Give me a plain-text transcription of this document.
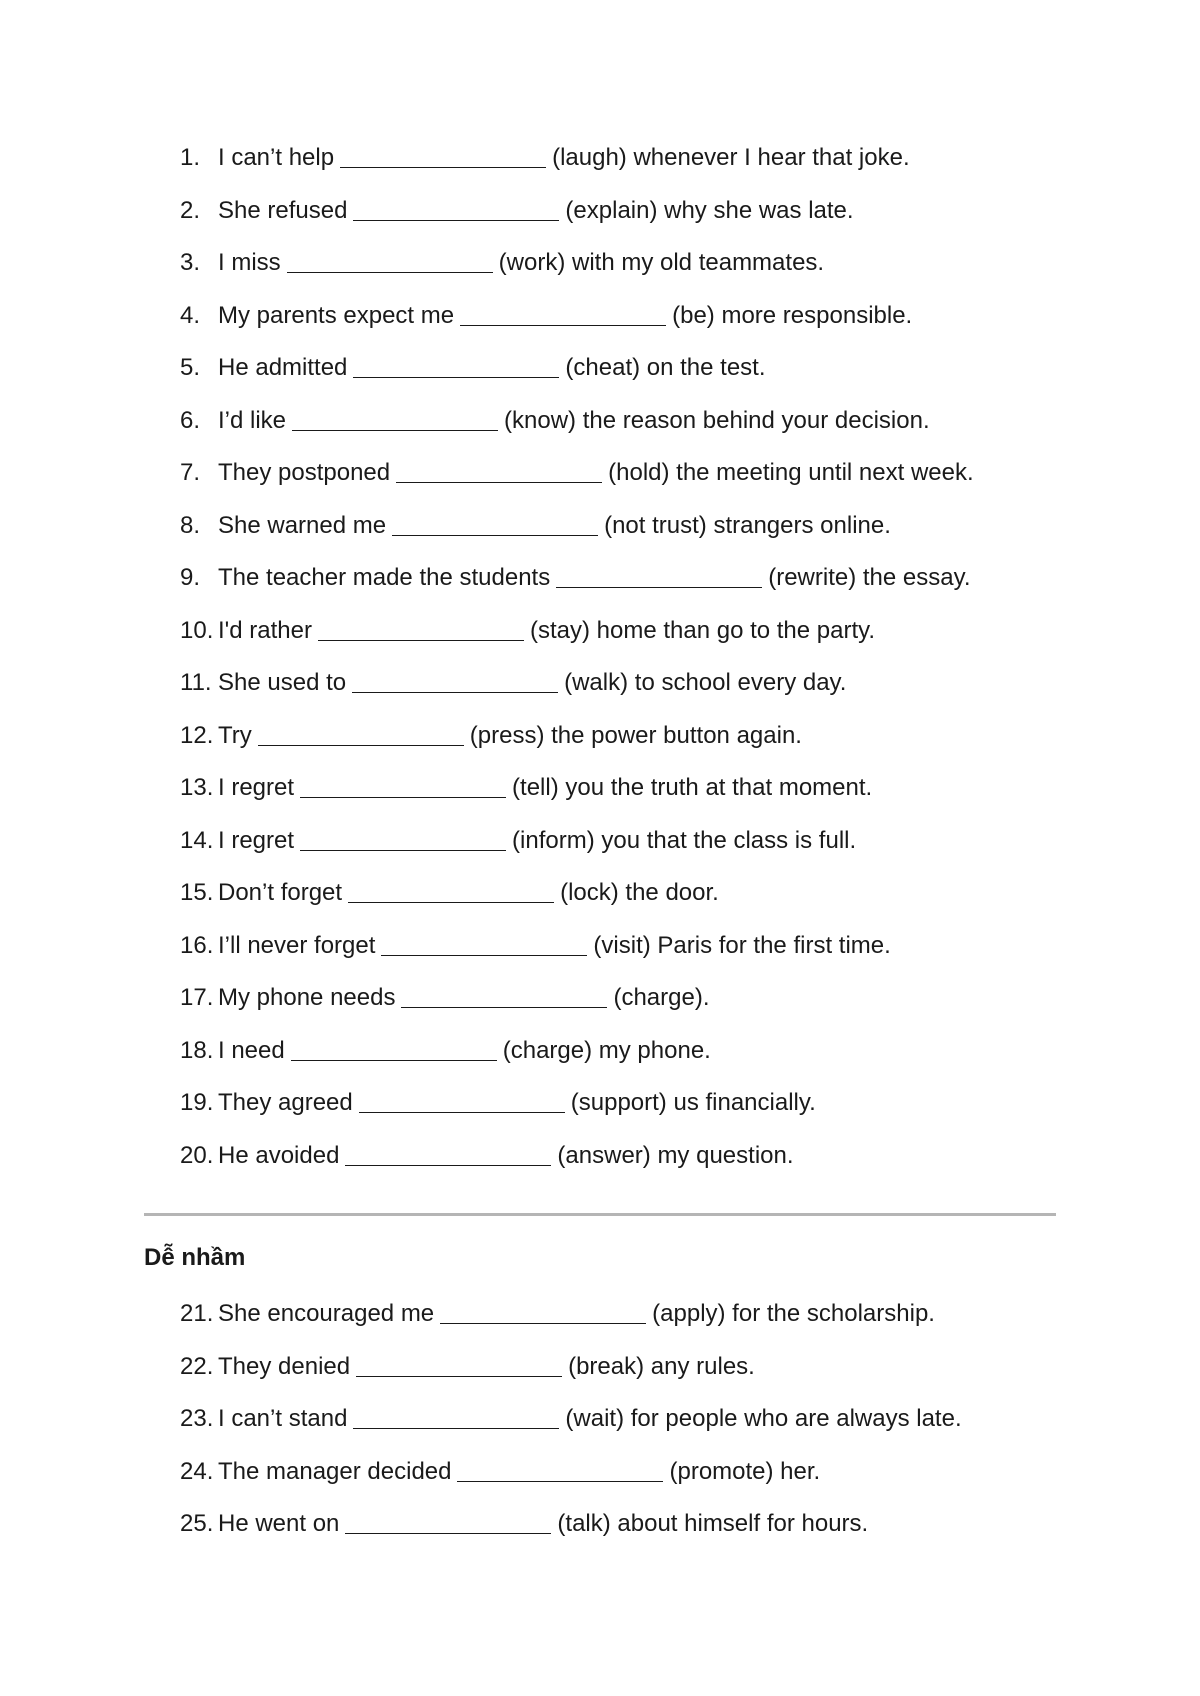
1. I can’t help	(laugh) whenever I hear that joke.
2. She refused	(explain) why she was late.
3. I miss	(work) with my old teammates.
4. My parents expect me	(be) more responsible.
5. He admitted	(cheat) on the test.
6. I’d like	(know) the reason behind your decision.
7. They postponed	(hold) the meeting until next week.
8. She warned me	(not trust) strangers online.
9. The teacher made the students	(rewrite) the essay.
10. I'd rather	(stay) home than go to the party.
11. She used to	(walk) to school every day.
12. Try	(press) the power button again.
13. I regret	(tell) you the truth at that moment.
14. I regret	(inform) you that the class is full.
15. Don’t forget	(lock) the door.
16. I’ll never forget	(visit) Paris for the first time.
17. My phone needs	(charge).
18. I need	(charge) my phone.
19. They agreed	(support) us financially.
20. He avoided	(answer) my question.
Dễ nhầm
21. She encouraged me	(apply) for the scholarship.
22. They denied	(break) any rules.
23. I can’t stand	(wait) for people who are always late.
24. The manager decided	(promote) her.
25. He went on	(talk) about himself for hours.
